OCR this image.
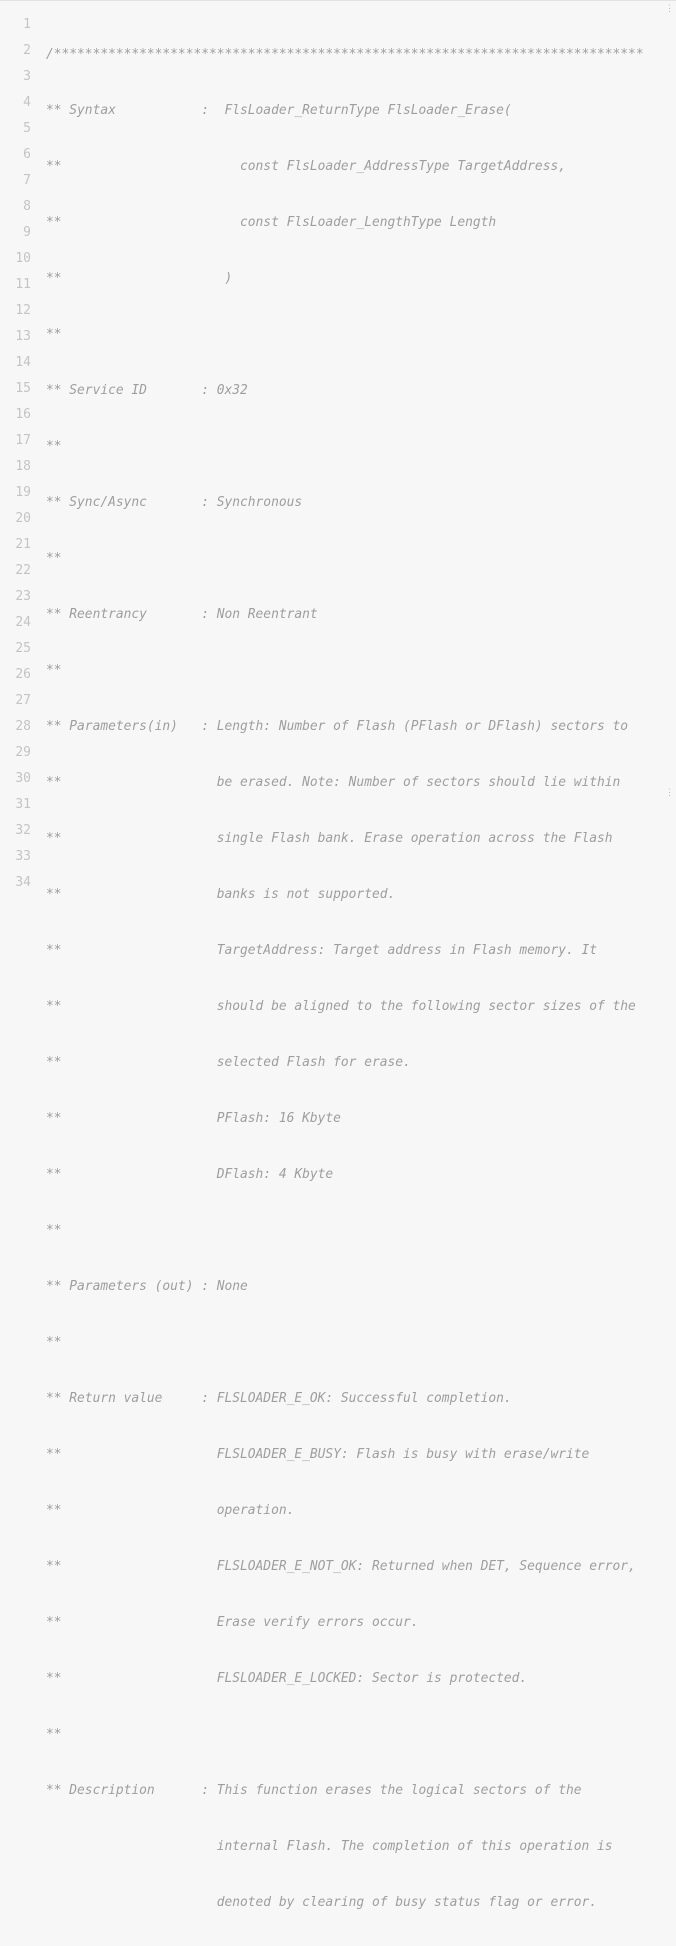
1
2
3
4
5
6
7
8
9
10
11
12
13
14
15
16
17
18
19
20
21
22
23
24
25
26
27
28
29
30
31
32
33
34

/****************************************************************************

** Syntax           :  FlsLoader_ReturnType FlsLoader_Erase(

**                       const FlsLoader_AddressType TargetAddress,

**                       const FlsLoader_LengthType Length

**                     )

**

** Service ID       : 0x32

**

** Sync/Async       : Synchronous

**

** Reentrancy       : Non Reentrant

**

** Parameters(in)   : Length: Number of Flash (PFlash or DFlash) sectors to

**                    be erased. Note: Number of sectors should lie within

**                    single Flash bank. Erase operation across the Flash

**                    banks is not supported.

**                    TargetAddress: Target address in Flash memory. It

**                    should be aligned to the following sector sizes of the

**                    selected Flash for erase.

**                    PFlash: 16 Kbyte

**                    DFlash: 4 Kbyte

**

** Parameters (out) : None

**

** Return value     : FLSLOADER_E_OK: Successful completion.

**                    FLSLOADER_E_BUSY: Flash is busy with erase/write

**                    operation.

**                    FLSLOADER_E_NOT_OK: Returned when DET, Sequence error,

**                    Erase verify errors occur.

**                    FLSLOADER_E_LOCKED: Sector is protected.

**

** Description      : This function erases the logical sectors of the

internal Flash. The completion of this operation is

denoted by clearing of busy status flag or error.

⋮
⋮
